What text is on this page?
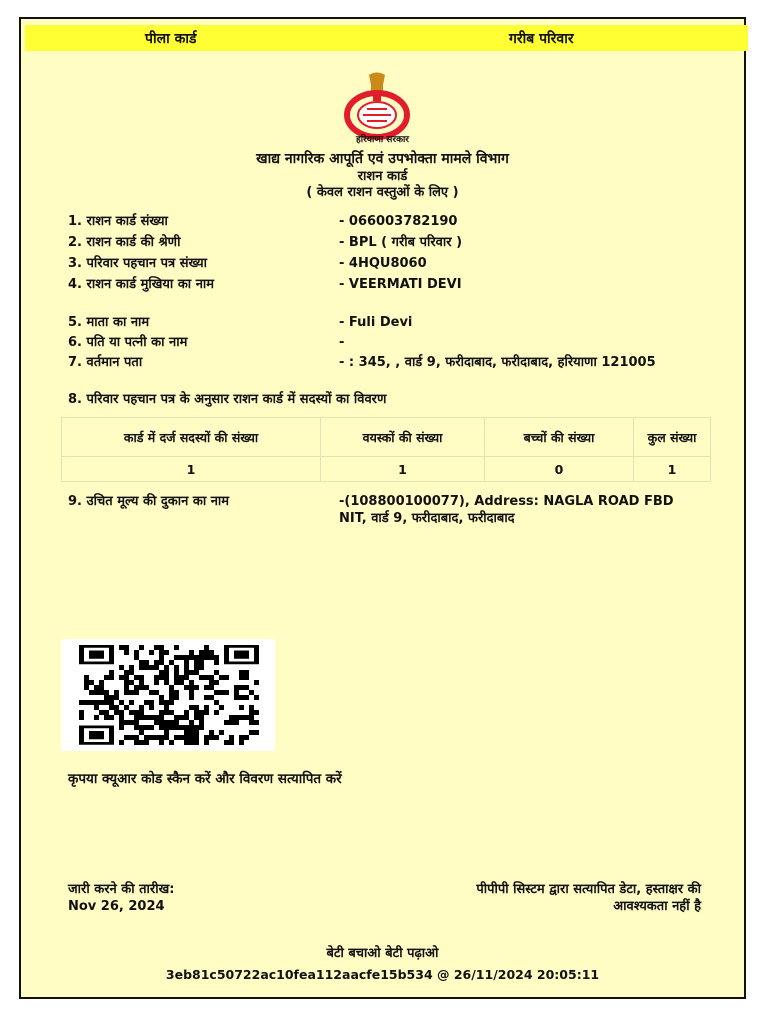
पीला कार्ड	गरीब परिवार
हरियाणा सरकार
खाद्य नागरिक आपूर्ति एवं उपभोक्ता मामले विभाग
राशन कार्ड
( केवल राशन वस्तुओं के लिए )
1. राशन कार्ड संख्या	- 066003782190
2. राशन कार्ड की श्रेणी	- BPL ( गरीब परिवार )
3. परिवार पहचान पत्र संख्या	- 4HQU8060
4. राशन कार्ड मुखिया का नाम	- VEERMATI DEVI
5. माता का नाम	- Fuli Devi
6. पति या पत्नी का नाम	-
7. वर्तमान पता	- : 345, , वार्ड 9, फरीदाबाद, फरीदाबाद, हरियाणा 121005
8. परिवार पहचान पत्र के अनुसार राशन कार्ड में सदस्यों का विवरण
कार्ड में दर्ज सदस्यों की संख्या	वयस्कों की संख्या	बच्चों की संख्या	कुल संख्या
1	1	0	1
9. उचित मूल्य की दुकान का नाम	-(108800100077), Address: NAGLA ROAD FBD NIT, वार्ड 9, फरीदाबाद, फरीदाबाद
कृपया क्यूआर कोड स्कैन करें और विवरण सत्यापित करें
जारी करने की तारीख:
Nov 26, 2024
पीपीपी सिस्टम द्वारा सत्यापित डेटा, हस्ताक्षर की
आवश्यकता नहीं है
बेटी बचाओ बेटी पढ़ाओ
3eb81c50722ac10fea112aacfe15b534 @ 26/11/2024 20:05:11
